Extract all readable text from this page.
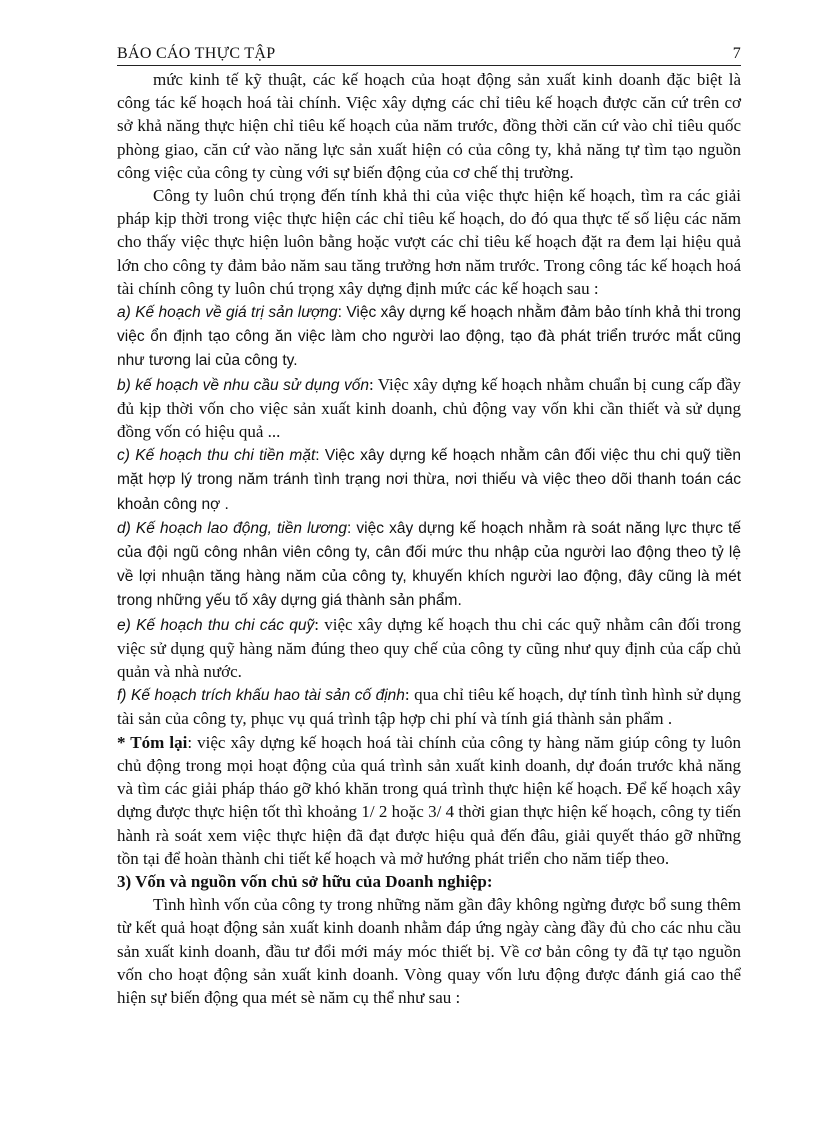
BÁO CÁO THỰC TẬP	7

mức kinh tế kỹ thuật, các kế hoạch của hoạt động sản xuất kinh doanh đặc biệt là công tác kế hoạch hoá tài chính. Việc xây dựng các chỉ tiêu kế hoạch được căn cứ trên cơ sở khả năng thực hiện chỉ tiêu kế hoạch của năm trước, đồng thời căn cứ vào chỉ tiêu quốc phòng giao, căn cứ vào năng lực sản xuất hiện có của công ty, khả năng tự tìm tạo nguồn công việc của công ty cùng với sự biến động của cơ chế thị trường.

Công ty luôn chú trọng đến tính khả thi của việc thực hiện kế hoạch, tìm ra các giải pháp kịp thời trong việc thực hiện các chỉ tiêu kế hoạch, do đó qua thực tế số liệu các năm cho thấy việc thực hiện luôn bằng hoặc vượt các chỉ tiêu kế hoạch đặt ra đem lại hiệu quả lớn cho công ty đảm bảo năm sau tăng trưởng hơn năm trước. Trong công tác kế hoạch hoá tài chính công ty luôn chú trọng xây dựng định mức các kế hoạch sau :

a) Kế hoạch về giá trị sản lượng: Việc xây dựng kế hoạch nhằm đảm bảo tính khả thi trong việc ổn định tạo công ăn việc làm cho người lao động, tạo đà phát triển trước mắt cũng như tương lai của công ty.

b) kế hoạch về nhu cầu sử dụng vốn: Việc xây dựng kế hoạch nhằm chuẩn bị cung cấp đầy đủ kịp thời vốn cho việc sản xuất kinh doanh, chủ động vay vốn khi cần thiết và sử dụng đồng vốn có hiệu quả ...

c) Kế hoạch thu chi tiền mặt: Việc xây dựng kế hoạch nhằm cân đối việc thu chi quỹ tiền mặt hợp lý trong năm tránh tình trạng nơi thừa, nơi thiếu và việc theo dõi thanh toán các khoản công nợ .

d) Kế hoạch lao động, tiền lương: việc xây dựng kế hoạch nhằm rà soát năng lực thực tế của đội ngũ công nhân viên công ty, cân đối mức thu nhập của người lao động theo tỷ lệ về lợi nhuận tăng hàng năm của công ty, khuyến khích người lao động, đây cũng là mét trong những yếu tố xây dựng giá thành sản phẩm.

e) Kế hoạch thu chi các quỹ: việc xây dựng kế hoạch thu chi các quỹ nhằm cân đối trong việc sử dụng quỹ hàng năm đúng theo quy chế của công ty cũng như quy định của cấp chủ quản và nhà nước.

f) Kế hoạch trích khấu hao tài sản cố định: qua chỉ tiêu kế hoạch, dự tính tình hình sử dụng tài sản của công ty, phục vụ quá trình tập hợp chi phí và tính giá thành sản phẩm .

* Tóm lại: việc xây dựng kế hoạch hoá tài chính của công ty hàng năm giúp công ty luôn chủ động trong mọi hoạt động của quá trình sản xuất kinh doanh, dự đoán trước khả năng và tìm các giải pháp tháo gỡ khó khăn trong quá trình thực hiện kế hoạch. Để kế hoạch xây dựng được thực hiện tốt thì khoảng 1/ 2 hoặc 3/ 4 thời gian thực hiện kế hoạch, công ty tiến hành rà soát xem việc thực hiện đã đạt được hiệu quả đến đâu, giải quyết tháo gỡ những tồn tại để hoàn thành chi tiết kế hoạch và mở hướng phát triển cho năm tiếp theo.

3) Vốn và nguồn vốn chủ sở hữu của Doanh nghiệp:

Tình hình vốn của công ty trong những năm gần đây không ngừng được bổ sung thêm từ kết quả hoạt động sản xuất kinh doanh nhằm đáp ứng ngày càng đầy đủ cho các nhu cầu sản xuất kinh doanh, đầu tư đổi mới máy móc thiết bị. Về cơ bản công ty đã tự tạo nguồn vốn cho hoạt động sản xuất kinh doanh. Vòng quay vốn lưu động được đánh giá cao thể hiện sự biến động qua mét sè năm cụ thể như sau :
